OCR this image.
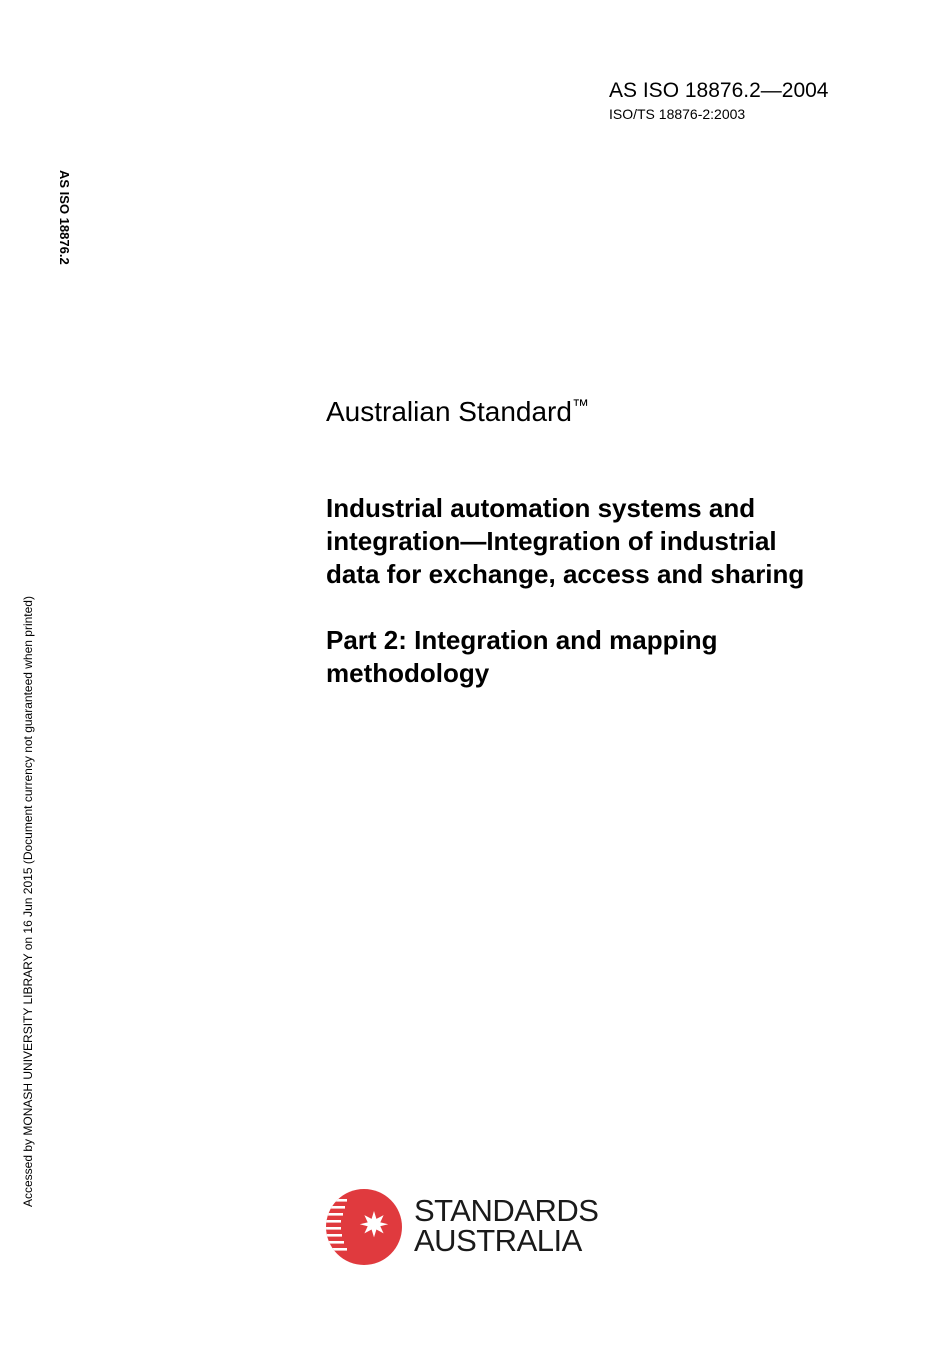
AS ISO 18876.2—2004
ISO/TS 18876-2:2003
AS ISO 18876.2
Accessed by MONASH UNIVERSITY LIBRARY on 16 Jun 2015 (Document currency not guaranteed when printed)
Australian Standard™
Industrial automation systems and
integration—Integration of industrial
data for exchange, access and sharing
Part 2: Integration and mapping
methodology
STANDARDS
AUSTRALIA
